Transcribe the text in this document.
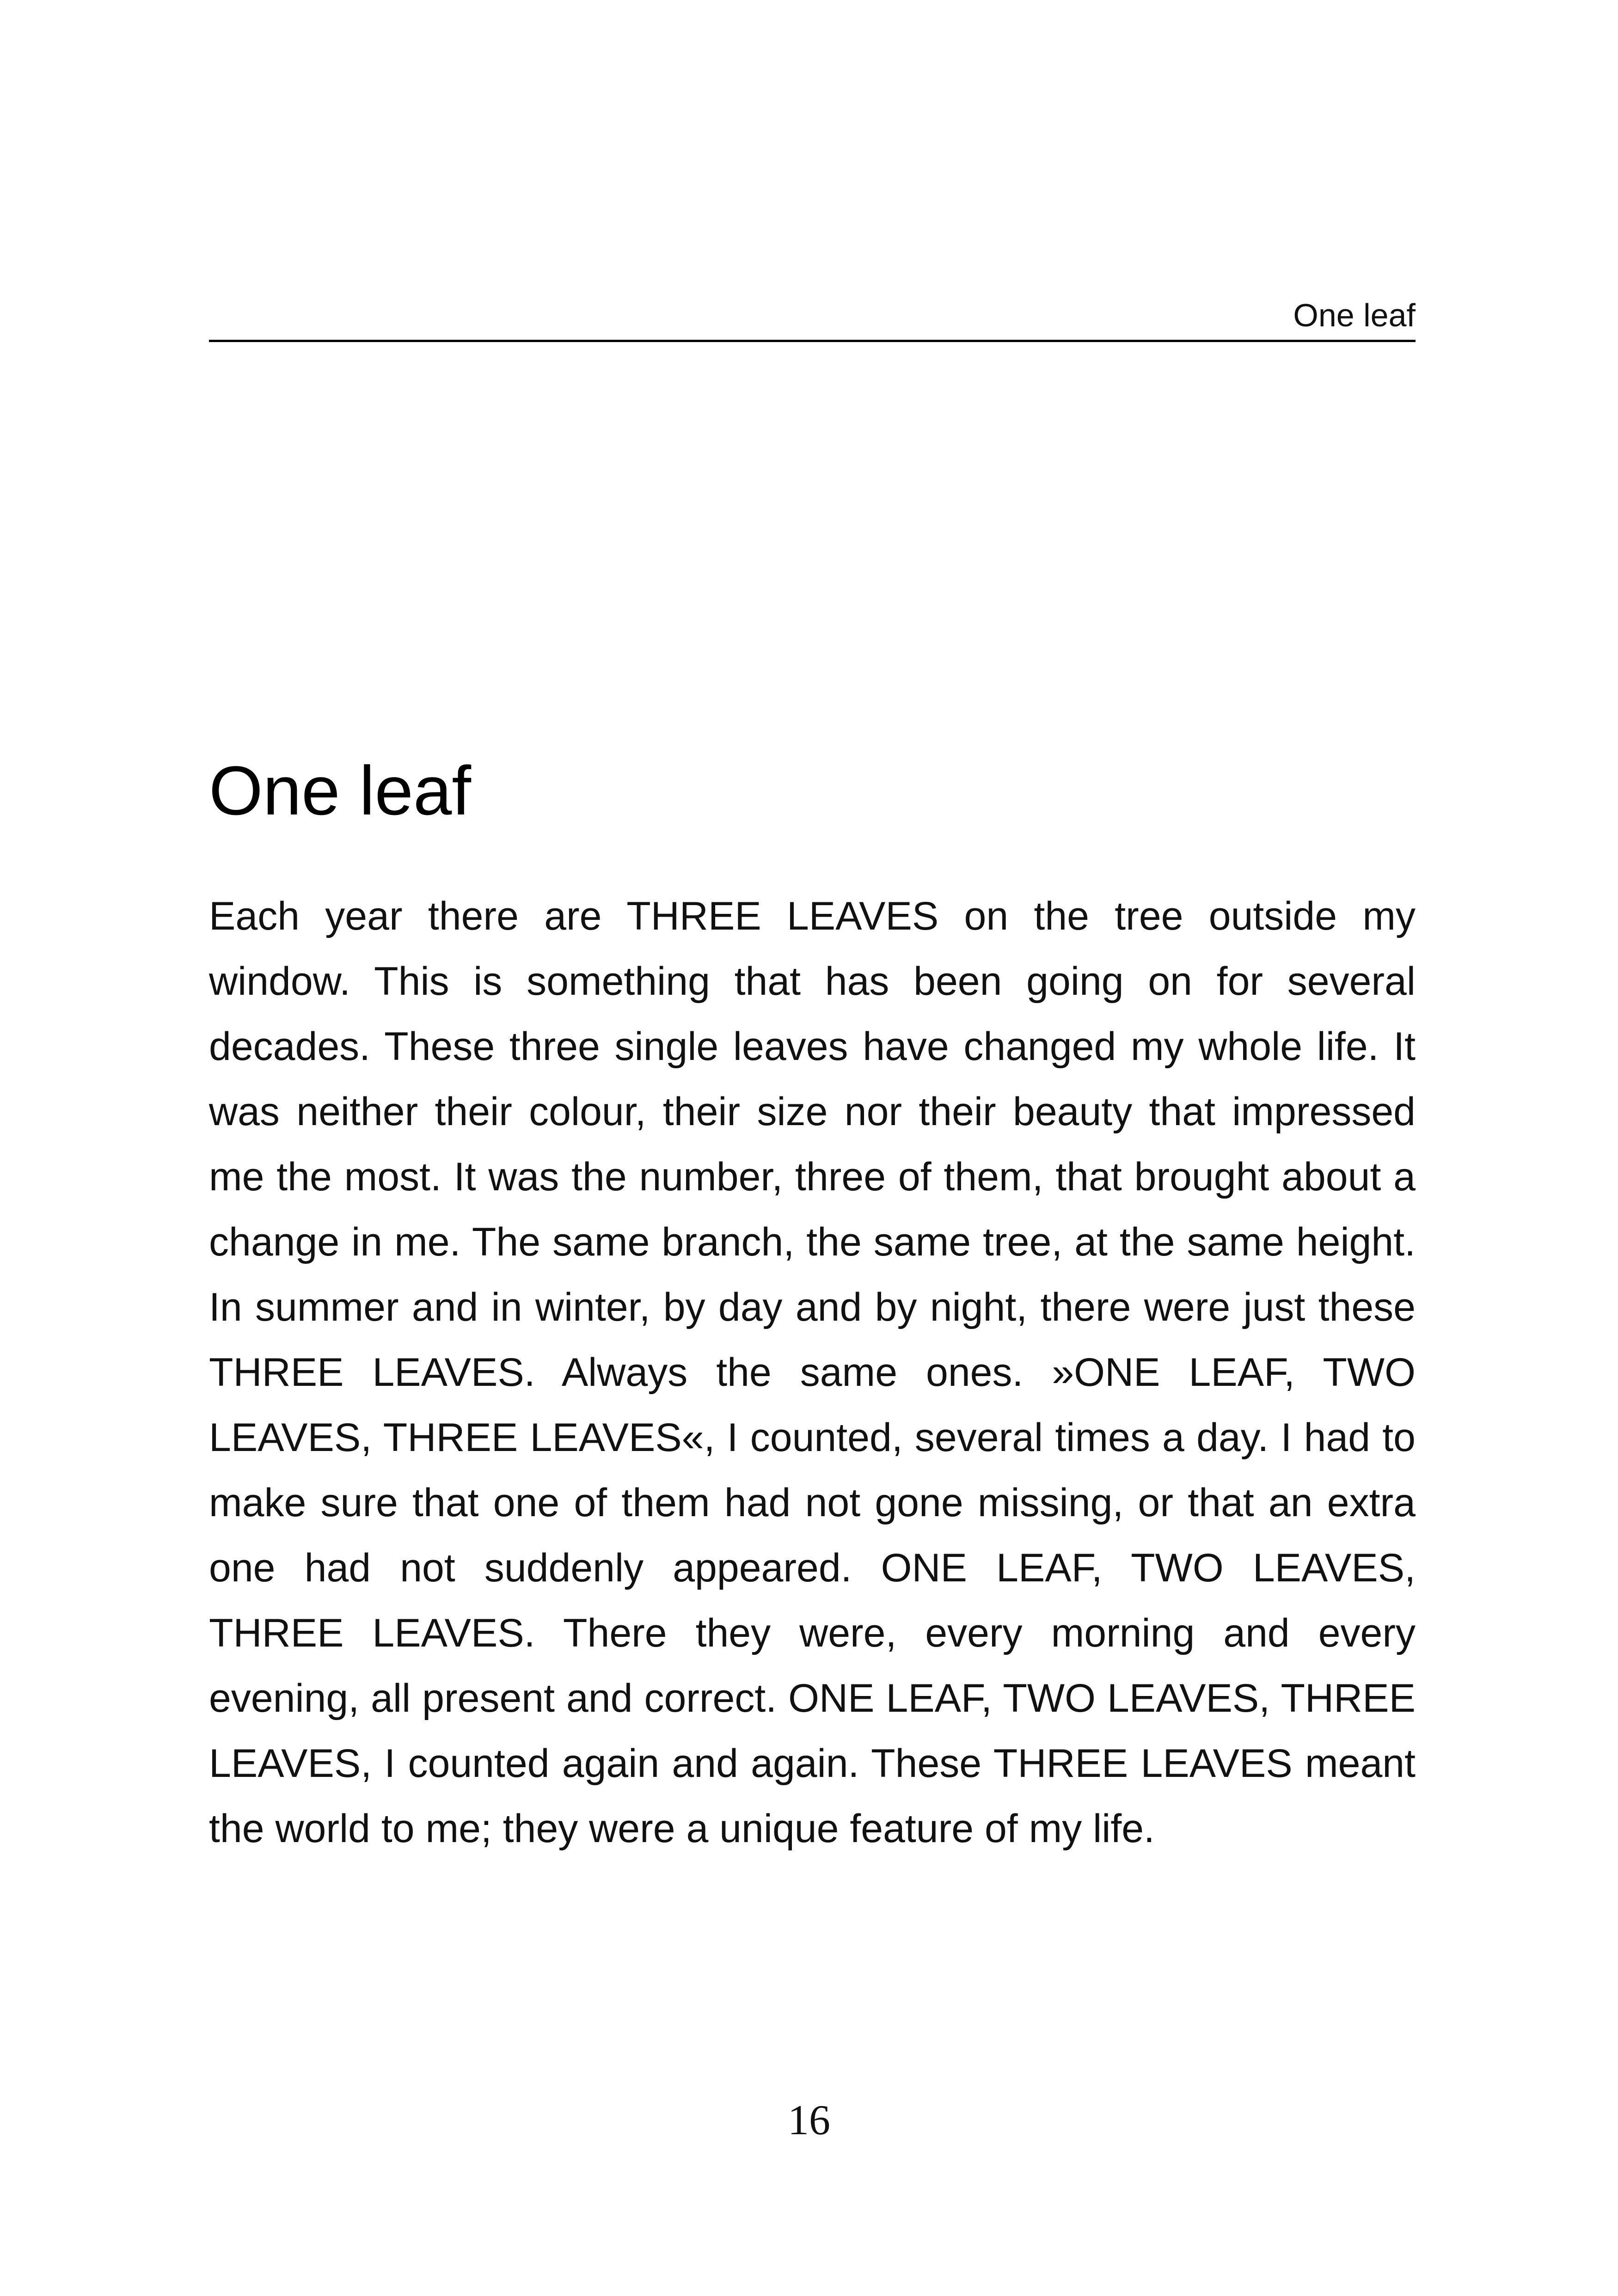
One leaf
One leaf

Each year there are THREE LEAVES on the tree outside my window. This is something that has been going on for several decades. These three single leaves have changed my whole life. It was neither their colour, their size nor their beauty that impressed me the most. It was the number, three of them, that brought about a change in me. The same branch, the same tree, at the same height. In summer and in winter, by day and by night, there were just these THREE LEAVES. Always the same ones. »ONE LEAF, TWO LEAVES, THREE LEAVES«, I counted, several times a day. I had to make sure that one of them had not gone missing, or that an extra one had not suddenly appeared. ONE LEAF, TWO LEAVES, THREE LEAVES. There they were, every morning and every evening, all present and correct. ONE LEAF, TWO LEAVES, THREE LEAVES, I counted again and again. These THREE LEAVES meant the world to me; they were a unique feature of my life.

16
